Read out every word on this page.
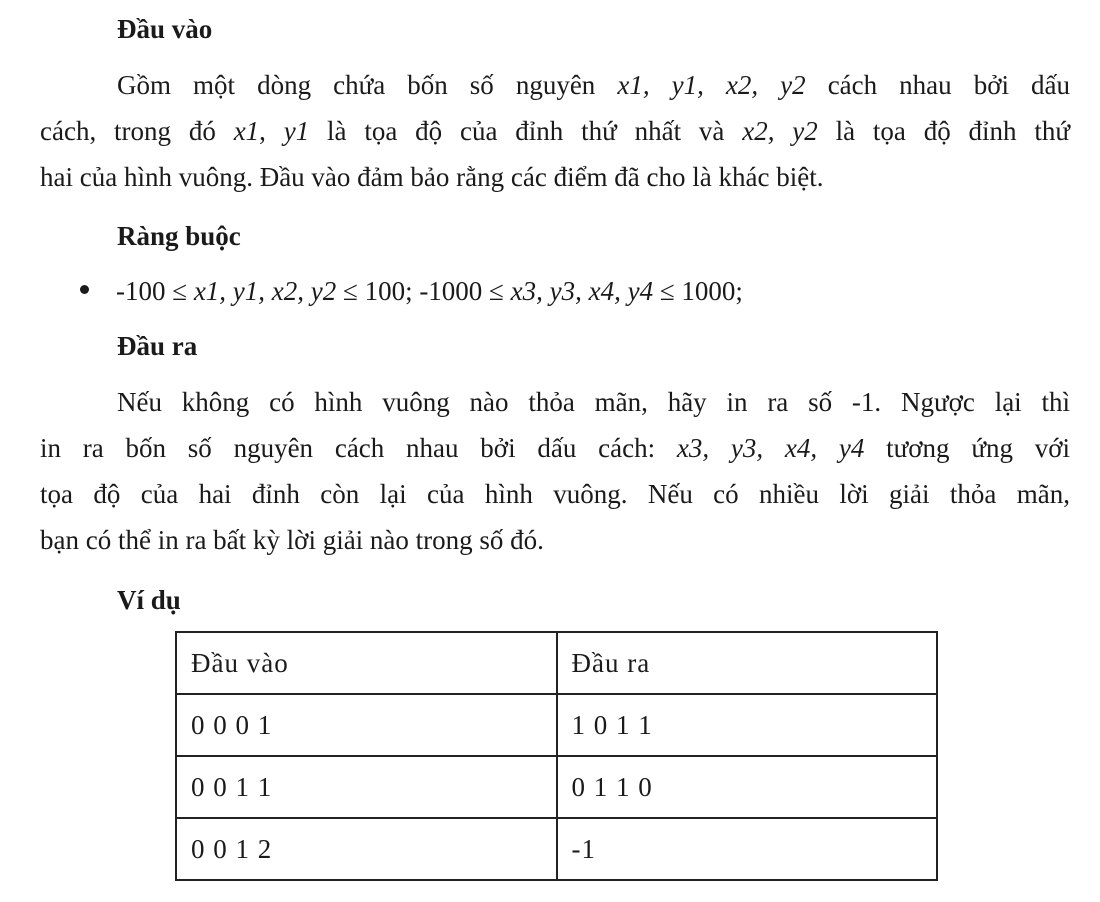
Đầu vào
Gồm một dòng chứa bốn số nguyên x1, y1, x2, y2 cách nhau bởi dấu
cách, trong đó x1, y1 là tọa độ của đỉnh thứ nhất và x2, y2 là tọa độ đỉnh thứ
hai của hình vuông. Đầu vào đảm bảo rằng các điểm đã cho là khác biệt.
Ràng buộc
-100 ≤ x1, y1, x2, y2 ≤ 100; -1000 ≤ x3, y3, x4, y4 ≤ 1000;
Đầu ra
Nếu không có hình vuông nào thỏa mãn, hãy in ra số -1. Ngược lại thì
in ra bốn số nguyên cách nhau bởi dấu cách: x3, y3, x4, y4 tương ứng với
tọa độ của hai đỉnh còn lại của hình vuông. Nếu có nhiều lời giải thỏa mãn,
bạn có thể in ra bất kỳ lời giải nào trong số đó.
Ví dụ
Đầu vào	Đầu ra
0 0 0 1	1 0 1 1
0 0 1 1	0 1 1 0
0 0 1 2	-1
